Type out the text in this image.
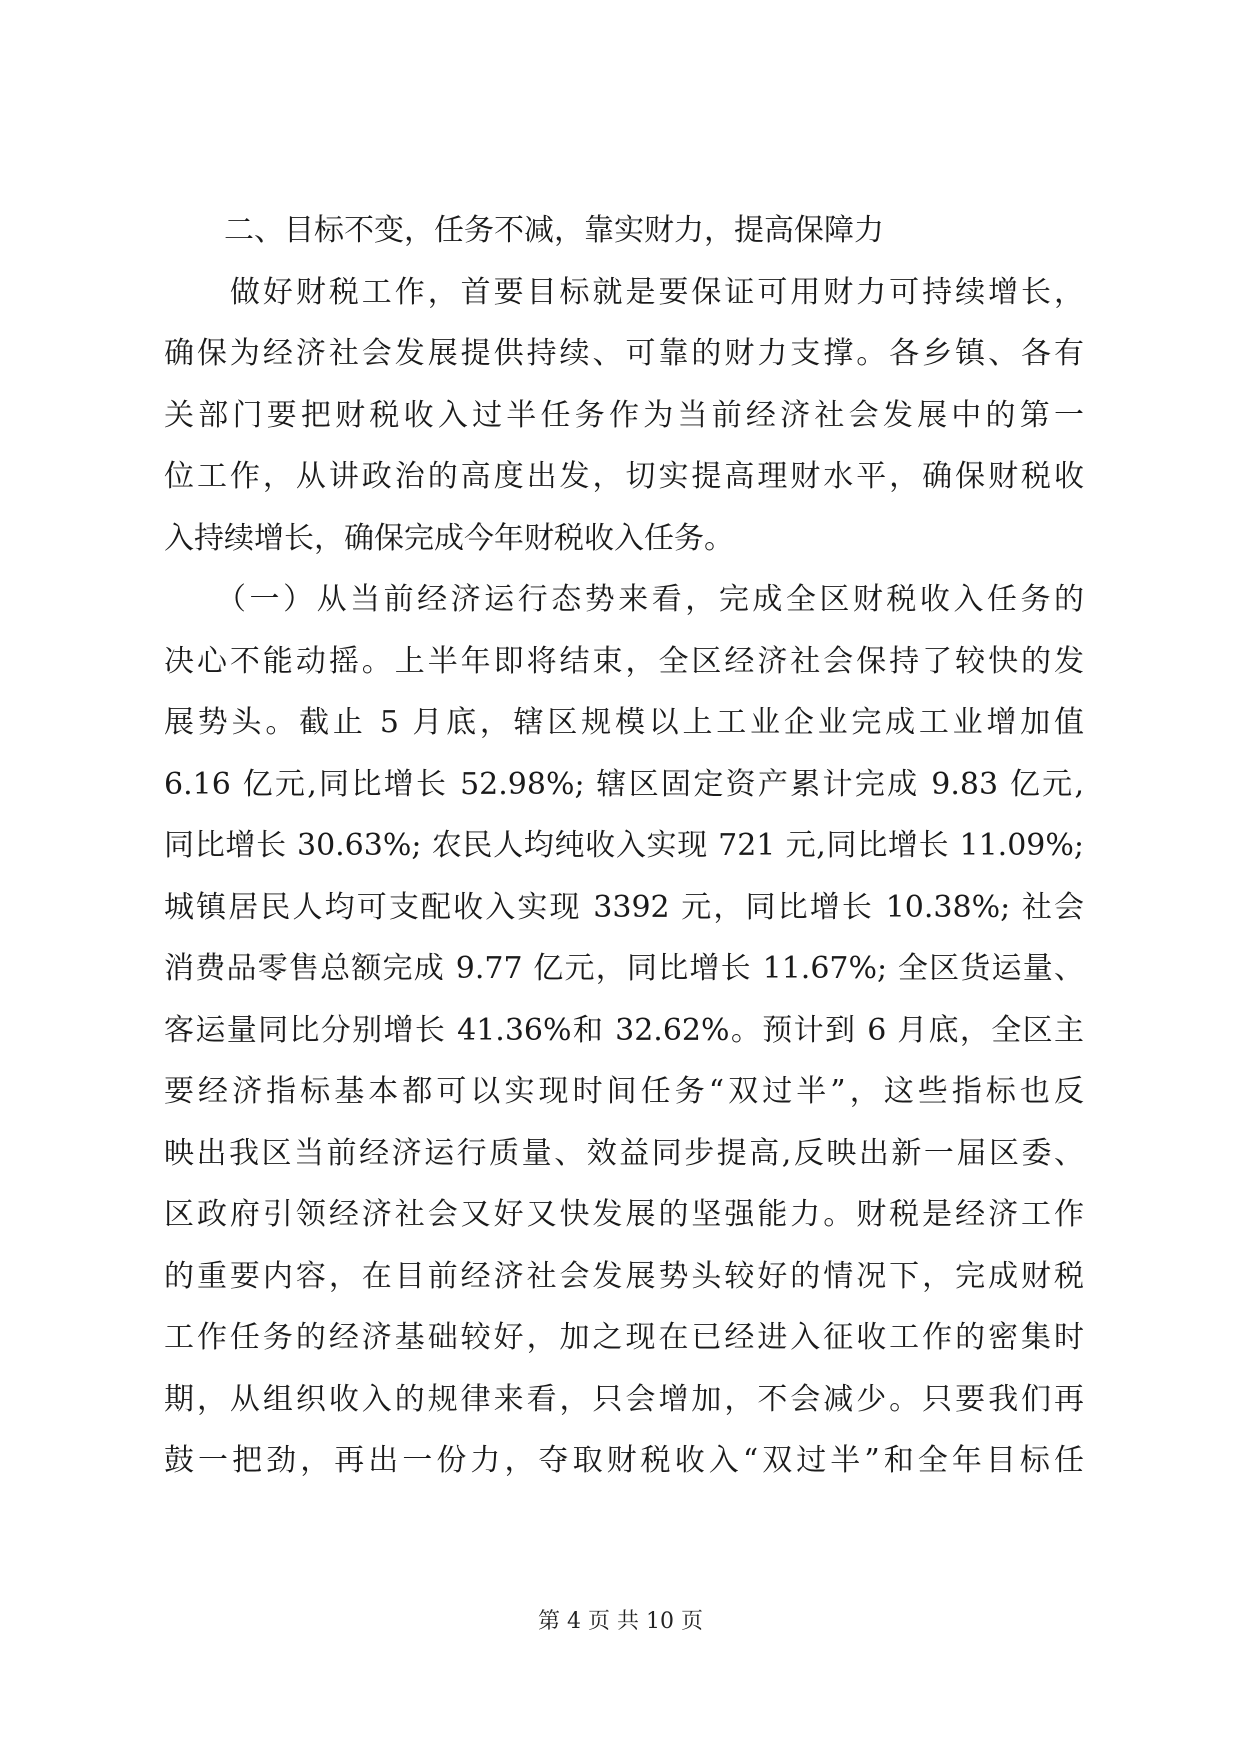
　　二、目标不变，任务不减，靠实财力，提高保障力
　　做好财税工作，首要目标就是要保证可用财力可持续增长，
确保为经济社会发展提供持续、可靠的财力支撑。各乡镇、各有
关部门要把财税收入过半任务作为当前经济社会发展中的第一
位工作，从讲政治的高度出发，切实提高理财水平，确保财税收
入持续增长，确保完成今年财税收入任务。
　　（一）从当前经济运行态势来看，完成全区财税收入任务的
决心不能动摇。上半年即将结束，全区经济社会保持了较快的发
展势头。截止 5 月底，辖区规模以上工业企业完成工业增加值
6.16 亿元,同比增长 52.98%; 辖区固定资产累计完成 9.83 亿元,
同比增长 30.63%; 农民人均纯收入实现 721 元,同比增长 11.09%;
城镇居民人均可支配收入实现 3392 元，同比增长 10.38%; 社会
消费品零售总额完成 9.77 亿元，同比增长 11.67%; 全区货运量、
客运量同比分别增长 41.36%和 32.62%。预计到 6 月底，全区主
要经济指标基本都可以实现时间任务“双过半”，这些指标也反
映出我区当前经济运行质量、效益同步提高,反映出新一届区委、
区政府引领经济社会又好又快发展的坚强能力。财税是经济工作
的重要内容，在目前经济社会发展势头较好的情况下，完成财税
工作任务的经济基础较好，加之现在已经进入征收工作的密集时
期，从组织收入的规律来看，只会增加，不会减少。只要我们再
鼓一把劲，再出一份力，夺取财税收入“双过半”和全年目标任
第 4 页 共 10 页
